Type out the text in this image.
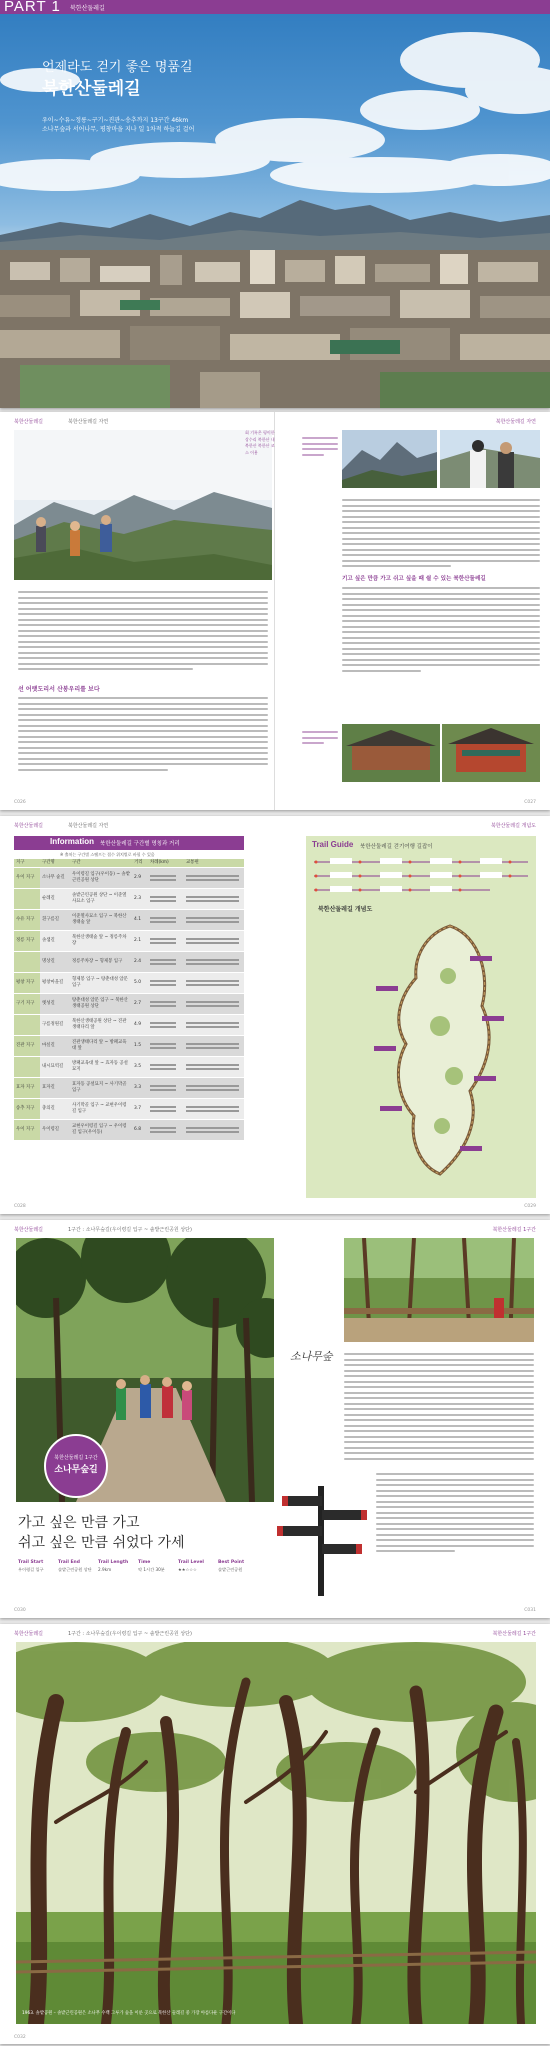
PART 1 북한산둘레길
언제라도 걷기 좋은 명품길
북한산둘레길
우이~수유~정릉~구기~진관~송추까지 13구간 46km
소나무숲과 서어나무, 평창마을 지나 일 1차적 하늘길 걸어
북한산둘레길	북한산둘레길 자연	북한산둘레길 자연
회 기록은 평이한 상수리 북한산 내 북한산 북한산 코스 이용
선 어랫도리서 산봉우리를 보다
기고 싶은 만큼 가고 쉬고 싶을 때 쉴 수 있는 북한산둘레길
C026	C027
북한산둘레길	북한산둘레길 자연	북한산둘레길 개념도
Information 북한산둘레길 구간별 명칭과 거리
※ 출처는 구간별 스탬프는 접수 위치별로 바뀔 수 있음
지구	구간명	구간	거리	차례(km)	교통편
우이 지구	소나무 숲길	우이령길 입구(우이동) ~ 솔밭근린공원 상단	2.9	

	순례길	솔밭근린공원 상단 ~ 이준열사묘소 입구	2.3	

수유 지구	흰구름길	이준열사묘소 입구 ~ 북한산생태숲 앞	4.1	

정릉 지구	솔샘길	북한산생태숲 앞 ~ 정릉주차장	2.1	

	명상길	정릉주차장 ~ 형제봉 입구	2.4	

평창 지구	평창마을길	형제봉 입구 ~ 탕춘대성 암문 입구	5.0	

구기 지구	옛성길	탕춘대성 암문 입구 ~ 북한산생태공원 상단	2.7	

	구름정원길	북한산생태공원 상단 ~ 진관생태다리 앞	4.9	

진관 지구	마실길	진관생태다리 앞 ~ 방패교육대 앞	1.5	

	내시묘역길	방패교육대 앞 ~ 효자동 공설묘지	3.5	

효자 지구	효자길	효자동 공설묘지 ~ 사기막골 입구	3.3	

송추 지구	충의길	사기막골 입구 ~ 교현우이령길 입구	3.7	

우이 지구	우이령길	교현우이령길 입구 ~ 우이령길 입구(우이동)	6.8	

Trail Guide 북한산둘레길 걷기여행 길잡이
북한산둘레길 개념도
C028	C029
북한산둘레길	1구간 : 소나무숲길(우이령길 입구 ~ 솔밭근린공원 상단)	북한산둘레길 1구간
북한산둘레길 1구간
소나무숲길
가고 싶은 만큼 가고
쉬고 싶은 만큼 쉬었다 가세
Trail Start
우이령길 입구
Trail End
솔밭근린공원 상단
Trail Length
2.9km
Time
약 1시간 30분
Trail Level
★★☆☆☆
Best Point
솔밭근린공원
소나무숲
C030	C031
북한산둘레길	1구간 : 소나무숲길(우이령길 입구 ~ 솔밭근린공원 상단)	북한산둘레길 1구간
1963. 솔밭공원 – 솔밭근린공원은 소나무 수백 그루가 숲을 이룬 곳으로 북한산 둘레길 중 가장 아름다운 구간이다
C032
